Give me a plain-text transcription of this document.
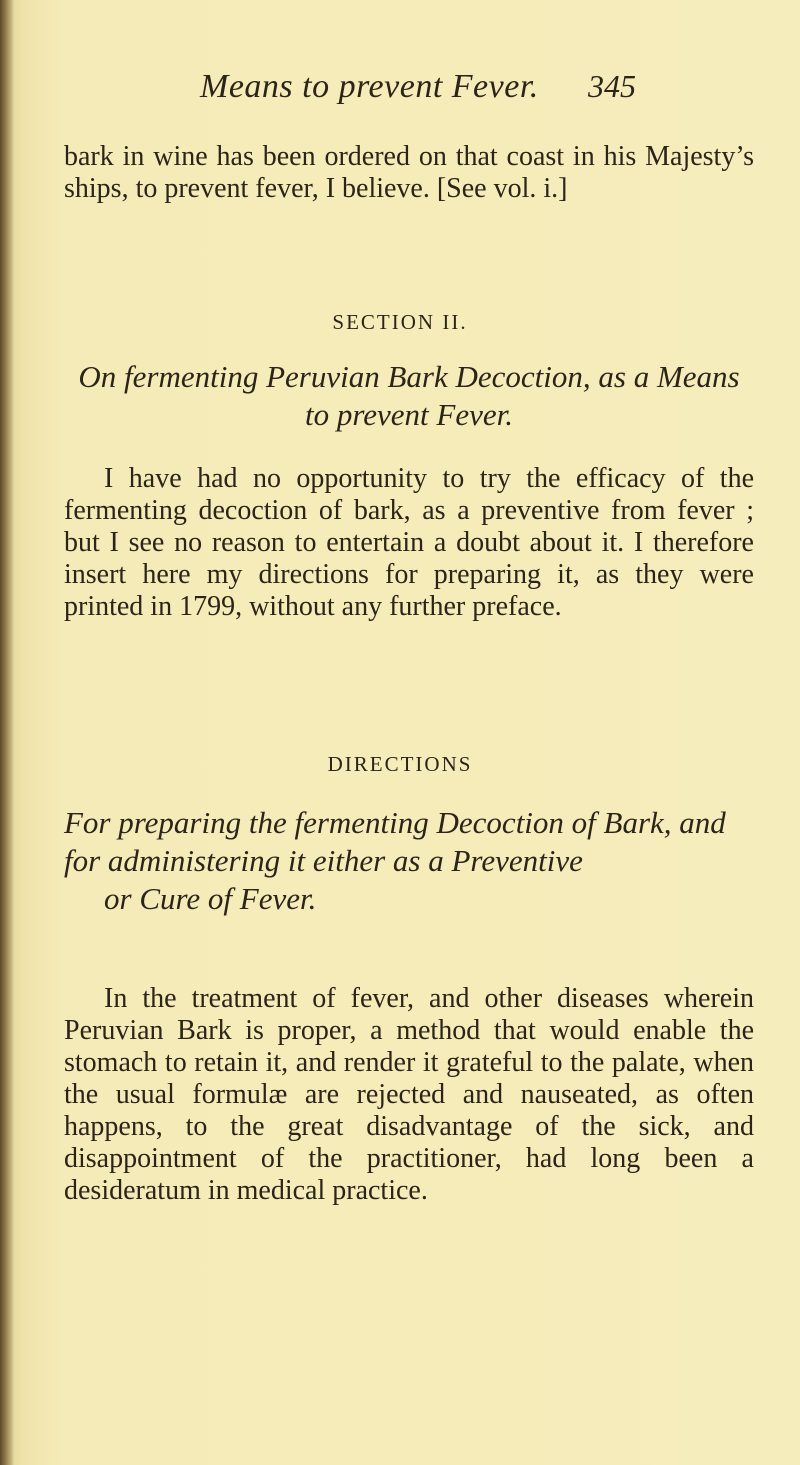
Means to prevent Fever. 345

bark in wine has been ordered on that coast in his Majesty’s ships, to prevent fever, I believe. [See vol. i.]

SECTION II.

On fermenting Peruvian Bark Decoction, as a Means to prevent Fever.

I have had no opportunity to try the efficacy of the fermenting decoction of bark, as a preventive from fever ; but I see no reason to entertain a doubt about it. I therefore insert here my directions for preparing it, as they were printed in 1799, without any further preface.

DIRECTIONS

For preparing the fermenting Decoction of Bark, and for administering it either as a Preventive
or Cure of Fever.

In the treatment of fever, and other diseases wherein Peruvian Bark is proper, a method that would enable the stomach to retain it, and render it grateful to the palate, when the usual formulæ are rejected and nauseated, as often happens, to the great disadvantage of the sick, and disappointment of the practitioner, had long been a desideratum in medical practice.
